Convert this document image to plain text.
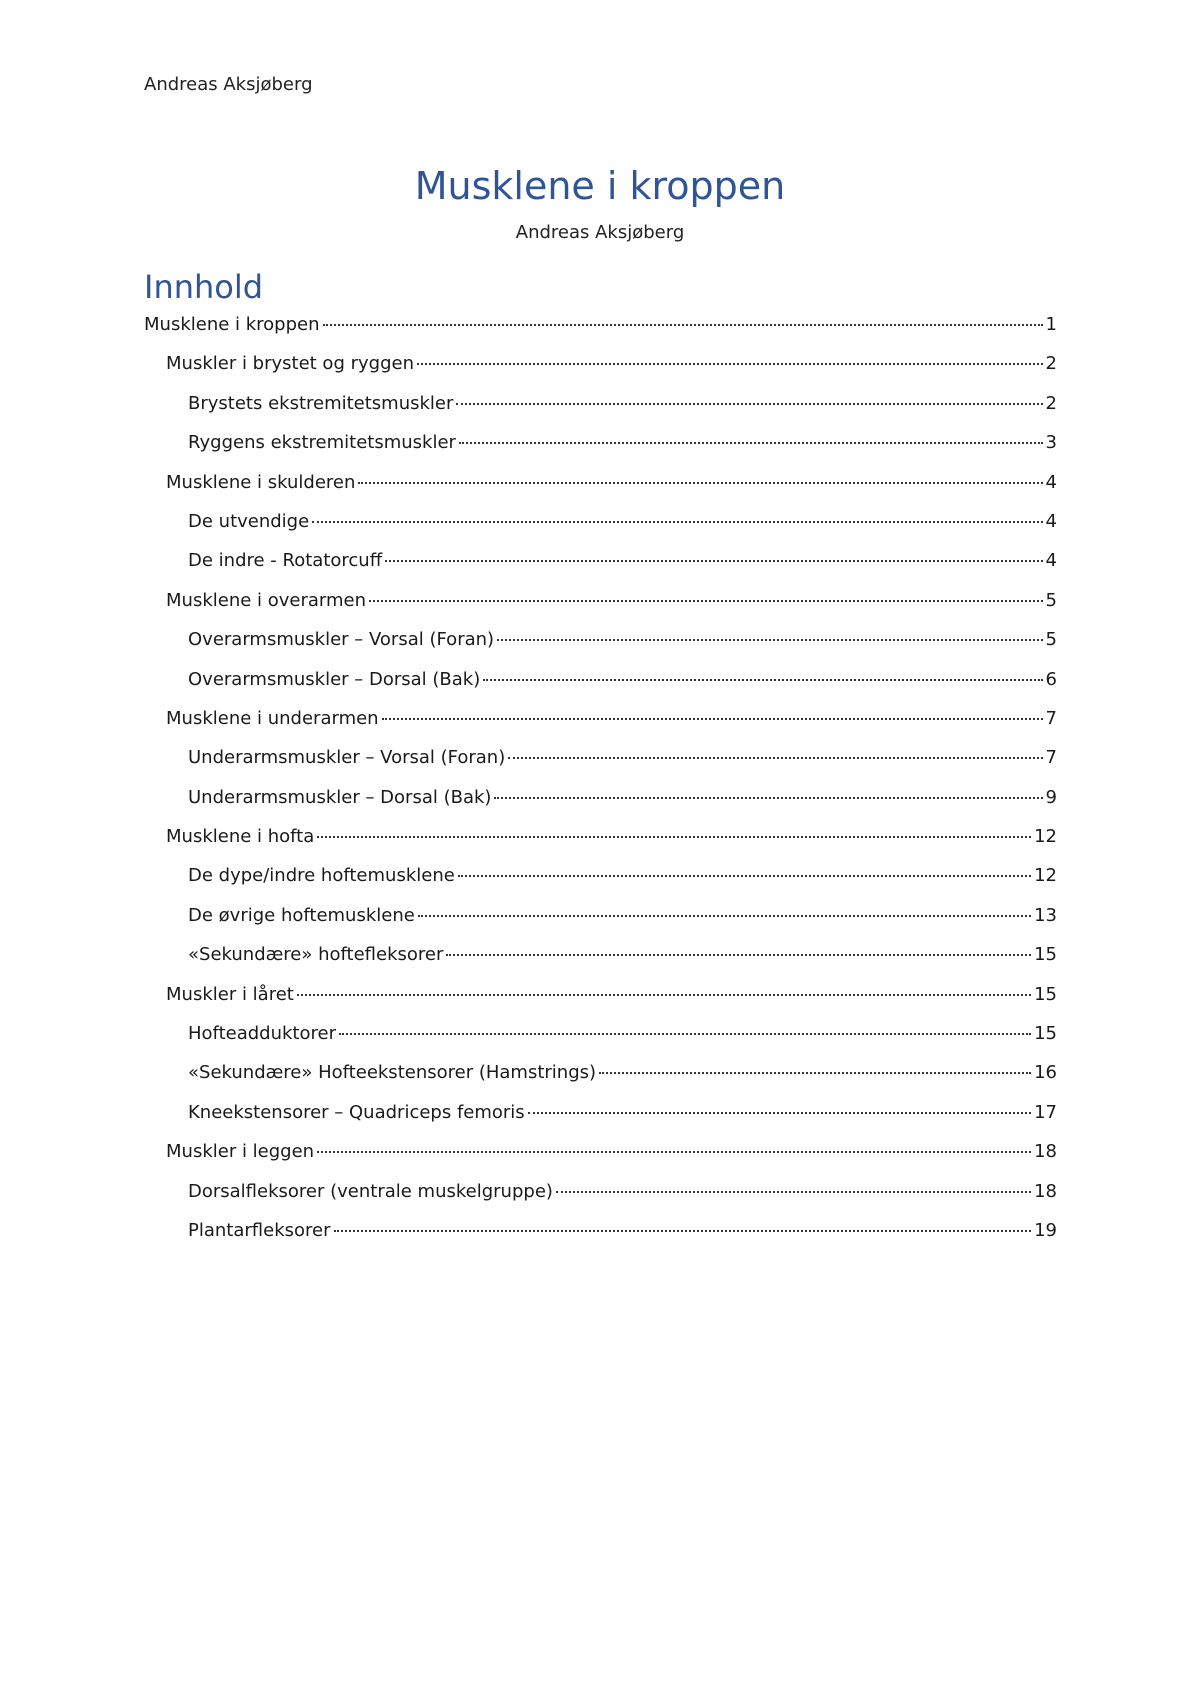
Andreas Aksjøberg
Musklene i kroppen
Andreas Aksjøberg
Innhold
Musklene i kroppen	1
Muskler i brystet og ryggen	2
Brystets ekstremitetsmuskler	2
Ryggens ekstremitetsmuskler	3
Musklene i skulderen	4
De utvendige	4
De indre - Rotatorcuff	4
Musklene i overarmen	5
Overarmsmuskler – Vorsal (Foran)	5
Overarmsmuskler – Dorsal (Bak)	6
Musklene i underarmen	7
Underarmsmuskler – Vorsal (Foran)	7
Underarmsmuskler – Dorsal (Bak)	9
Musklene i hofta	12
De dype/indre hoftemusklene	12
De øvrige hoftemusklene	13
«Sekundære» hoftefleksorer	15
Muskler i låret	15
Hofteadduktorer	15
«Sekundære» Hofteekstensorer (Hamstrings)	16
Kneekstensorer – Quadriceps femoris	17
Muskler i leggen	18
Dorsalfleksorer (ventrale muskelgruppe)	18
Plantarfleksorer	19
